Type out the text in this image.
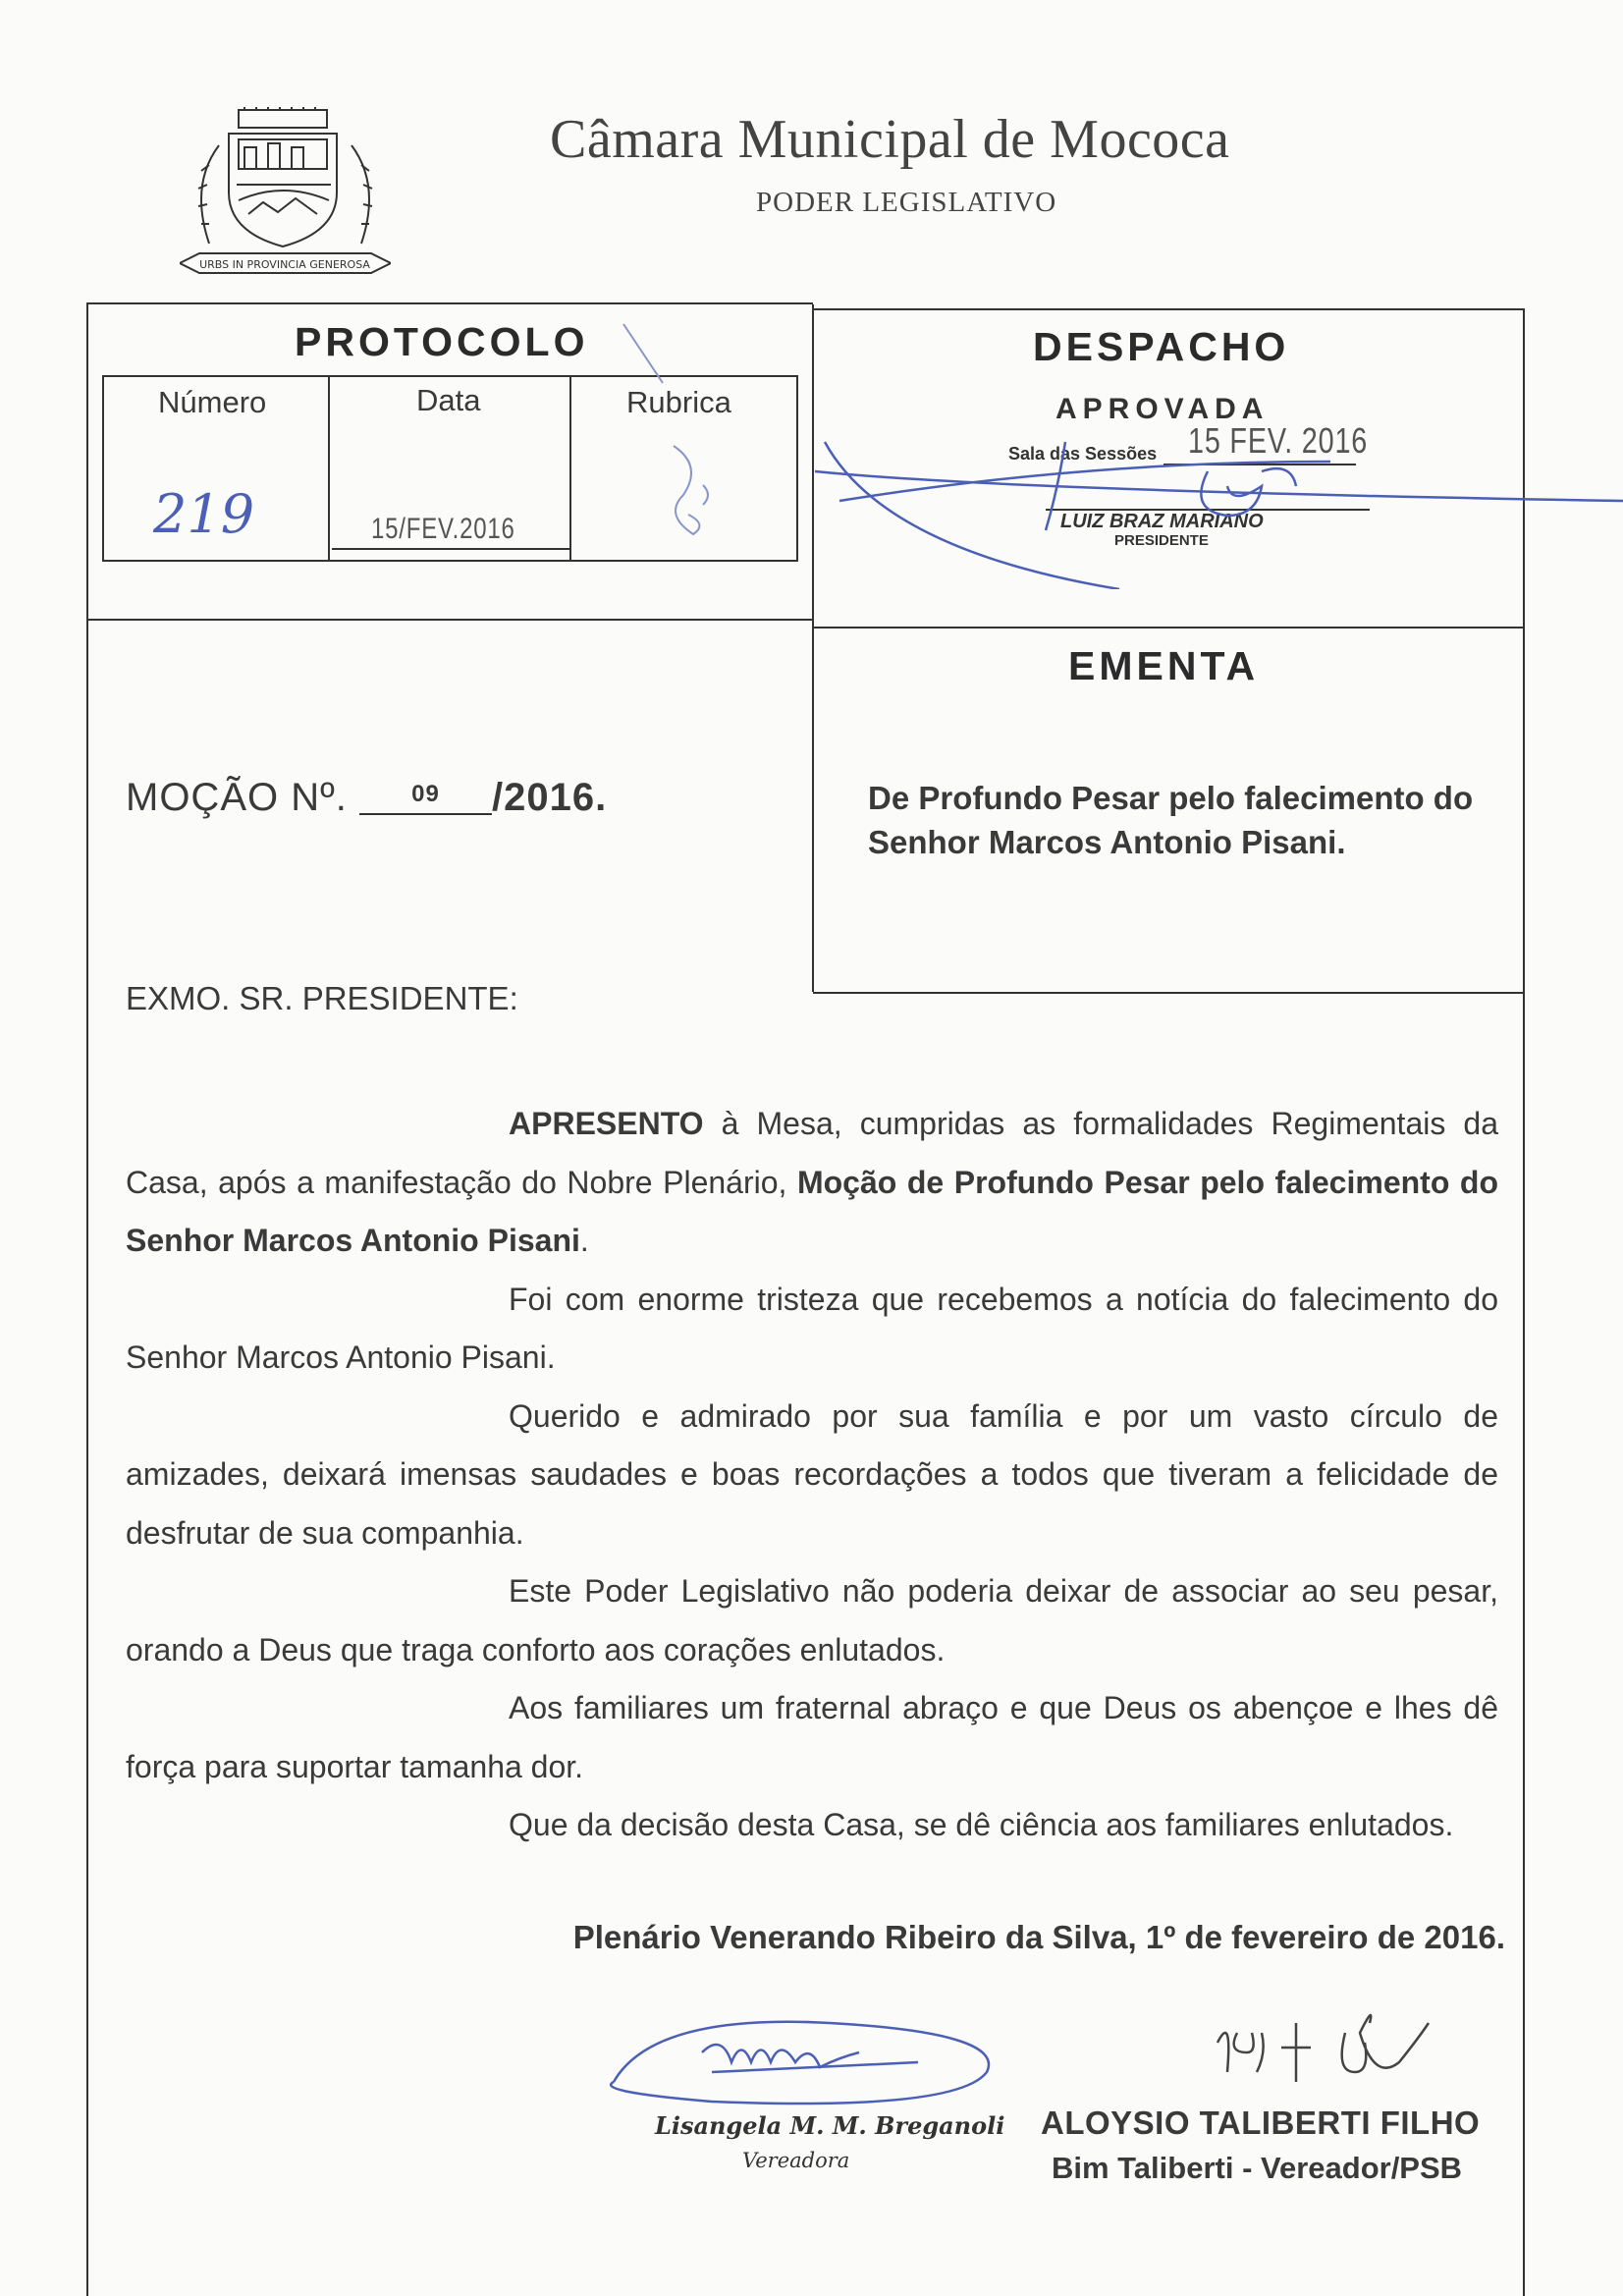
URBS IN PROVINCIA GENEROSA
Câmara Municipal de Mococa
PODER LEGISLATIVO
PROTOCOLO
Número	Data	Rubrica
219	15/FEV.2016
DESPACHO
APROVADA
Sala das Sessões 15 FEV. 2016
LUIZ BRAZ MARIANO
PRESIDENTE
EMENTA
De Profundo Pesar pelo falecimento do Senhor Marcos Antonio Pisani.
MOÇÃO Nº.	09 /2016.
EXMO. SR. PRESIDENTE:

APRESENTO à Mesa, cumpridas as formalidades Regimentais da Casa, após a manifestação do Nobre Plenário, Moção de Profundo Pesar pelo falecimento do Senhor Marcos Antonio Pisani.

Foi com enorme tristeza que recebemos a notícia do falecimento do Senhor Marcos Antonio Pisani.

Querido e admirado por sua família e por um vasto círculo de amizades, deixará imensas saudades e boas recordações a todos que tiveram a felicidade de desfrutar de sua companhia.

Este Poder Legislativo não poderia deixar de associar ao seu pesar, orando a Deus que traga conforto aos corações enlutados.

Aos familiares um fraternal abraço e que Deus os abençoe e lhes dê força para suportar tamanha dor.

Que da decisão desta Casa, se dê ciência aos familiares enlutados.

Plenário Venerando Ribeiro da Silva, 1º de fevereiro de 2016.
Lisangela M. M. Breganoli
Vereadora
ALOYSIO TALIBERTI FILHO
Bim Taliberti - Vereador/PSB
